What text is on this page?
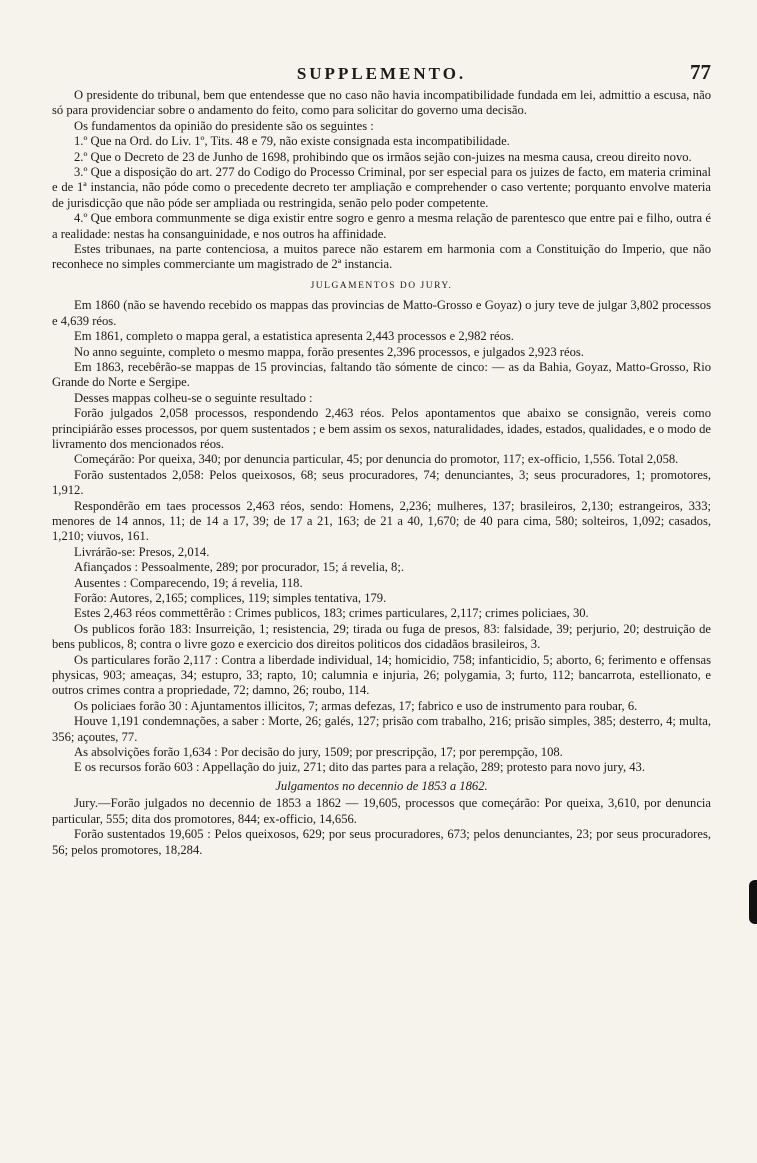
SUPPLEMENTO.	77

O presidente do tribunal, bem que entendesse que no caso não havia incompatibilidade fundada em lei, admittio a escusa, não só para providenciar sobre o andamento do feito, como para solicitar do governo uma decisão.

Os fundamentos da opinião do presidente são os seguintes :

1.º Que na Ord. do Liv. 1º, Tits. 48 e 79, não existe consignada esta incompatibilidade.

2.º Que o Decreto de 23 de Junho de 1698, prohibindo que os irmãos sejão con-juizes na mesma causa, creou direito novo.

3.º Que a disposição do art. 277 do Codigo do Processo Criminal, por ser especial para os juizes de facto, em materia criminal e de 1ª instancia, não póde como o precedente decreto ter ampliação e comprehender o caso vertente; porquanto envolve materia de jurisdicção que não póde ser ampliada ou restringida, senão pelo poder competente.

4.º Que embora communmente se diga existir entre sogro e genro a mesma relação de parentesco que entre pai e filho, outra é a realidade: nestas ha consanguinidade, e nos outros ha affinidade.

Estes tribunaes, na parte contenciosa, a muitos parece não estarem em harmonia com a Constituição do Imperio, que não reconhece no simples commerciante um magistrado de 2ª instancia.

JULGAMENTOS DO JURY.

Em 1860 (não se havendo recebido os mappas das provincias de Matto-Grosso e Goyaz) o jury teve de julgar 3,802 processos e 4,639 réos.

Em 1861, completo o mappa geral, a estatistica apresenta 2,443 processos e 2,982 réos.

No anno seguinte, completo o mesmo mappa, forão presentes 2,396 processos, e julgados 2,923 réos.

Em 1863, recebêrão-se mappas de 15 provincias, faltando tão sómente de cinco: — as da Bahia, Goyaz, Matto-Grosso, Rio Grande do Norte e Sergipe.

Desses mappas colheu-se o seguinte resultado :

Forão julgados 2,058 processos, respondendo 2,463 réos. Pelos apontamentos que abaixo se consignão, vereis como principiárão esses processos, por quem sustentados ; e bem assim os sexos, naturalidades, idades, estados, qualidades, e o modo de livramento dos mencionados réos.

Começárão: Por queixa, 340; por denuncia particular, 45; por denuncia do promotor, 117; ex-officio, 1,556. Total 2,058.

Forão sustentados 2,058: Pelos queixosos, 68; seus procuradores, 74; denunciantes, 3; seus procuradores, 1; promotores, 1,912.

Respondêrão em taes processos 2,463 réos, sendo: Homens, 2,236; mulheres, 137; brasileiros, 2,130; estrangeiros, 333; menores de 14 annos, 11; de 14 a 17, 39; de 17 a 21, 163; de 21 a 40, 1,670; de 40 para cima, 580; solteiros, 1,092; casados, 1,210; viuvos, 161.

Livrárão-se: Presos, 2,014.

Afiançados : Pessoalmente, 289; por procurador, 15; á revelia, 8;.

Ausentes : Comparecendo, 19; á revelia, 118.

Forão: Autores, 2,165; complices, 119; simples tentativa, 179.

Estes 2,463 réos commettêrão : Crimes publicos, 183; crimes particulares, 2,117; crimes policiaes, 30.

Os publicos forão 183: Insurreição, 1; resistencia, 29; tirada ou fuga de presos, 83: falsidade, 39; perjurio, 20; destruição de bens publicos, 8; contra o livre gozo e exercicio dos direitos politicos dos cidadãos brasileiros, 3.

Os particulares forão 2,117 : Contra a liberdade individual, 14; homicidio, 758; infanticidio, 5; aborto, 6; ferimento e offensas physicas, 903; ameaças, 34; estupro, 33; rapto, 10; calumnia e injuria, 26; polygamia, 3; furto, 112; bancarrota, estellionato, e outros crimes contra a propriedade, 72; damno, 26; roubo, 114.

Os policiaes forão 30 : Ajuntamentos illicitos, 7; armas defezas, 17; fabrico e uso de instrumento para roubar, 6.

Houve 1,191 condemnações, a saber : Morte, 26; galés, 127; prisão com trabalho, 216; prisão simples, 385; desterro, 4; multa, 356; açoutes, 77.

As absolvições forão 1,634 : Por decisão do jury, 1509; por prescripção, 17; por perempção, 108.

E os recursos forão 603 : Appellação do juiz, 271; dito das partes para a relação, 289; protesto para novo jury, 43.

Julgamentos no decennio de 1853 a 1862.

Jury.—Forão julgados no decennio de 1853 a 1862 — 19,605, processos que começárão: Por queixa, 3,610, por denuncia particular, 555; dita dos promotores, 844; ex-officio, 14,656.

Forão sustentados 19,605 : Pelos queixosos, 629; por seus procuradores, 673; pelos denunciantes, 23; por seus procuradores, 56; pelos promotores, 18,284.
